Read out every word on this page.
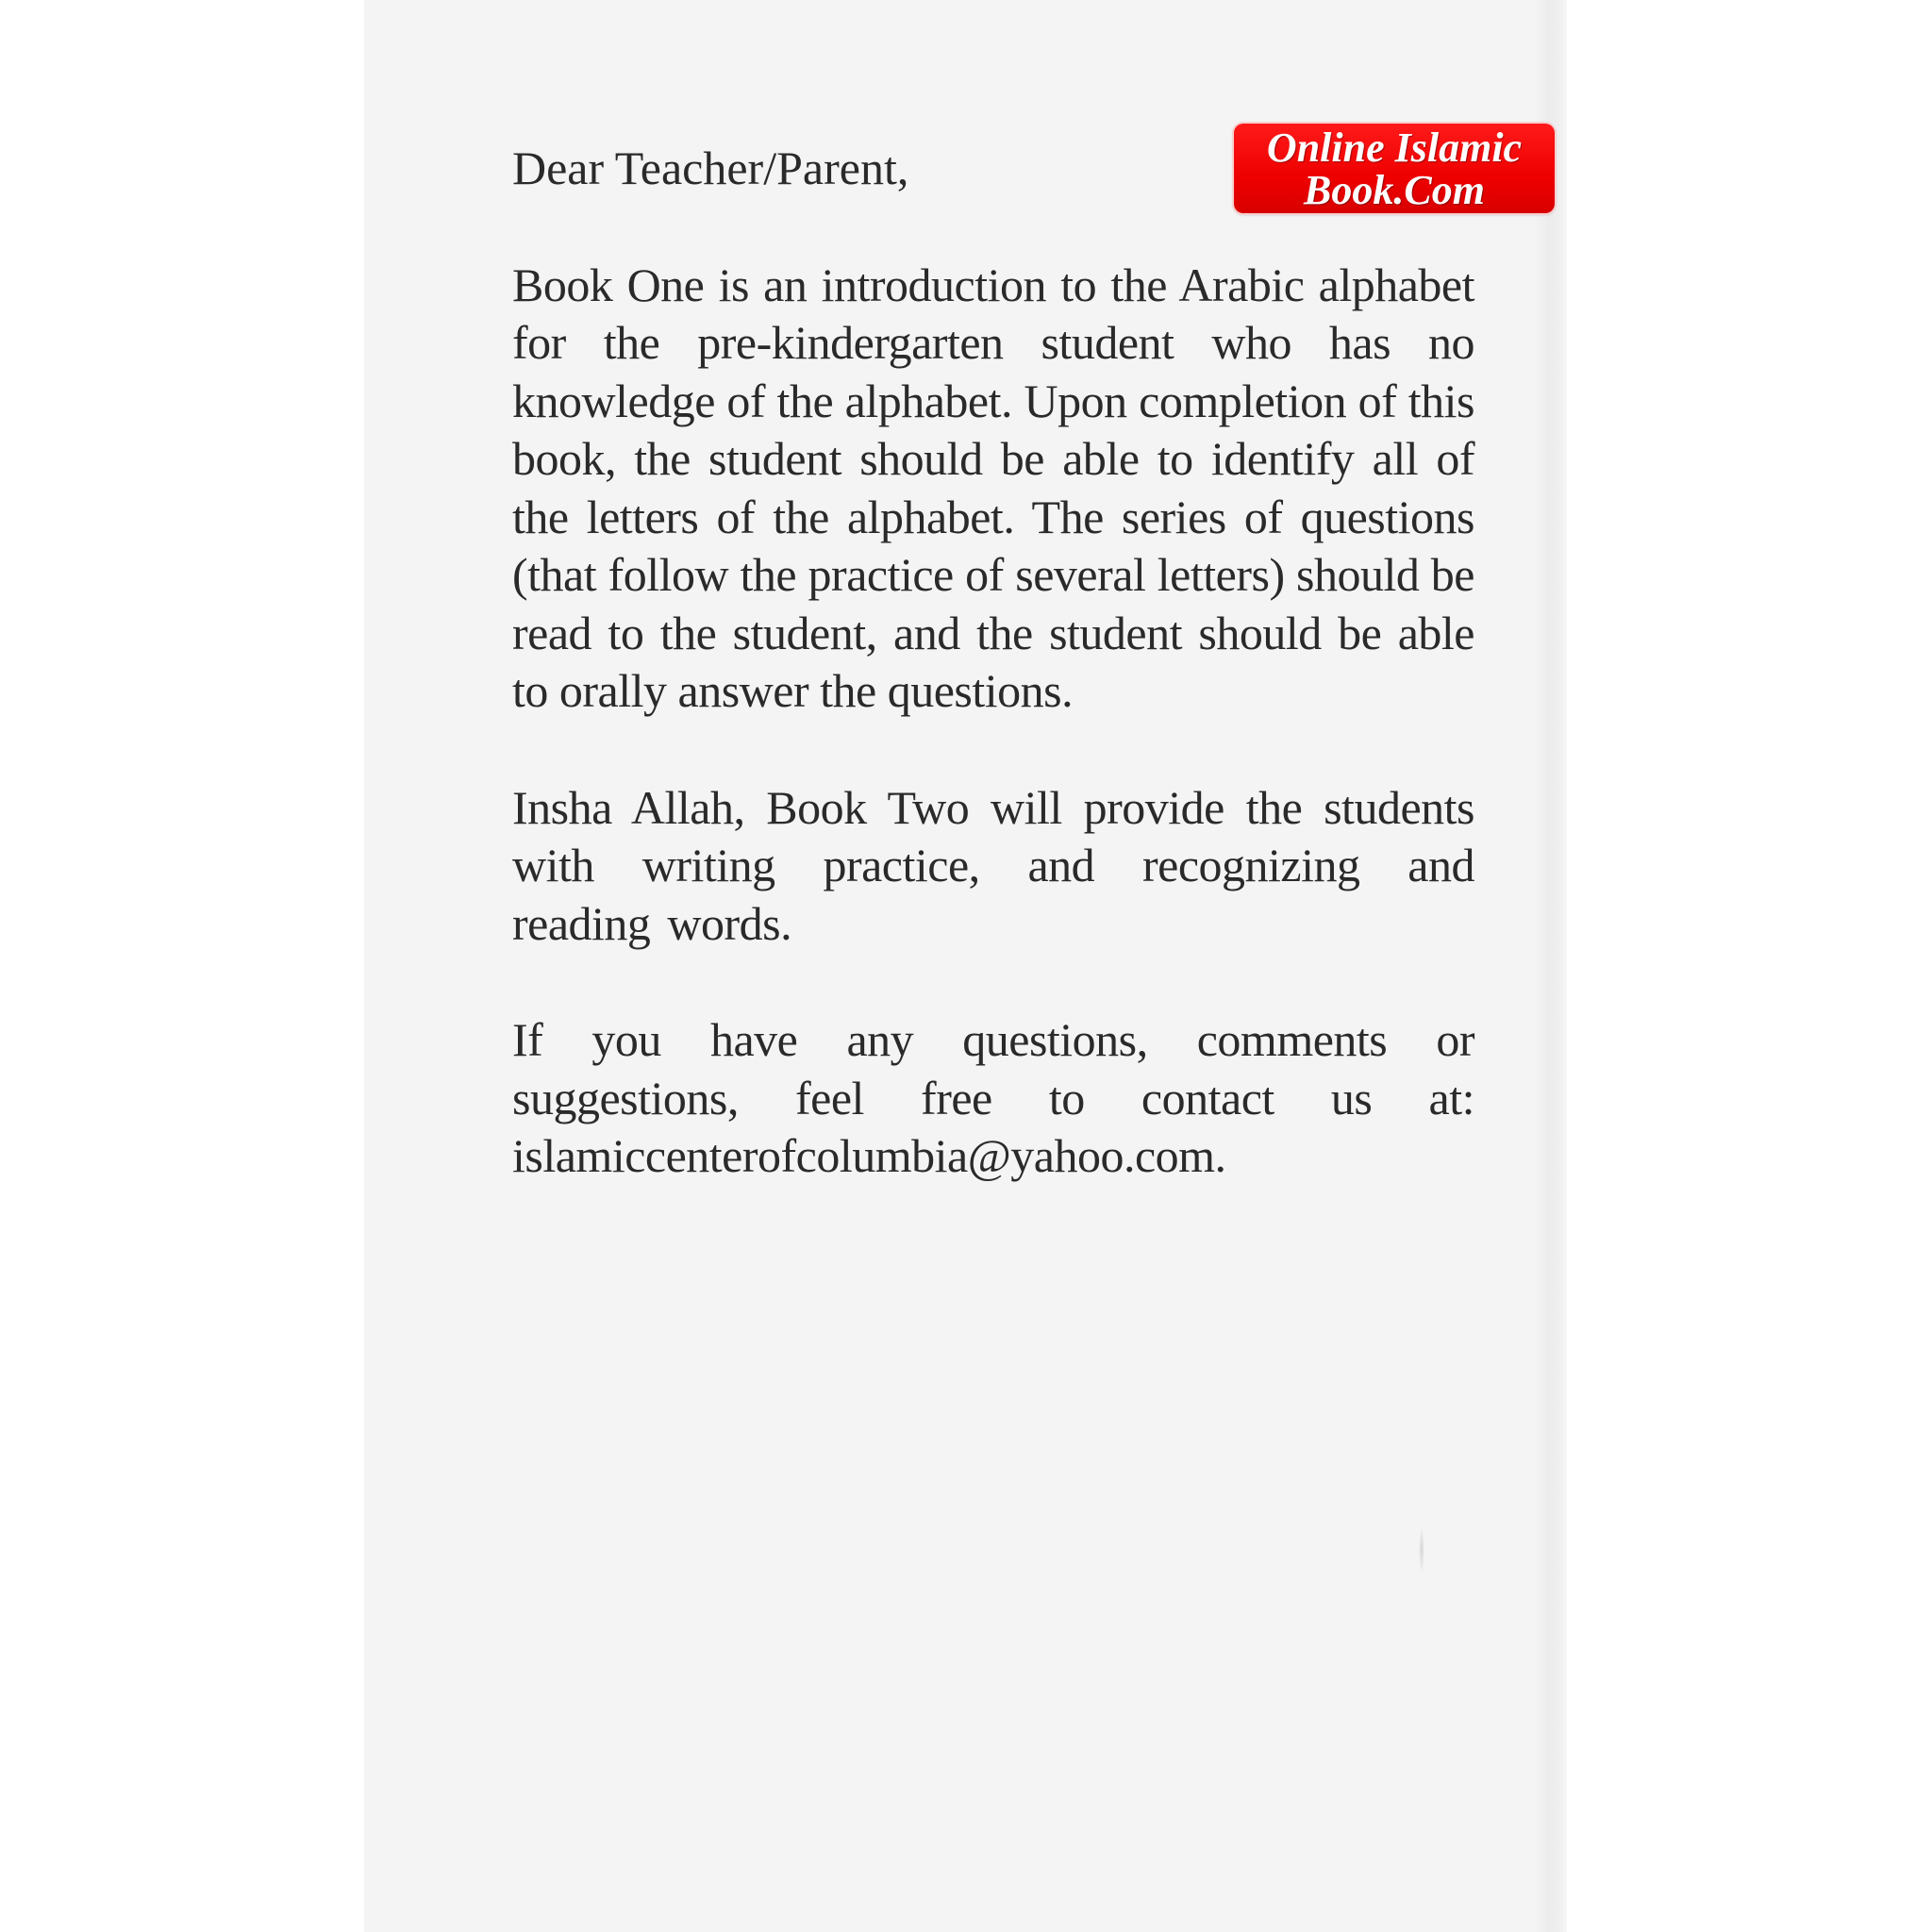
Dear Teacher/Parent,

Book One is an introduction to the Arabic alphabet for the pre-kindergarten student who has no knowledge of the alphabet. Upon completion of this book, the student should be able to identify all of the letters of the alphabet. The series of questions (that follow the practice of several letters) should be read to the student, and the student should be able to orally answer the questions.

Insha Allah, Book Two will provide the students with writing practice, and recognizing and reading words.

If you have any questions, comments or suggestions, feel free to contact us at: islamiccenterofcolumbia@yahoo.com.

Online Islamic
Book.Com
